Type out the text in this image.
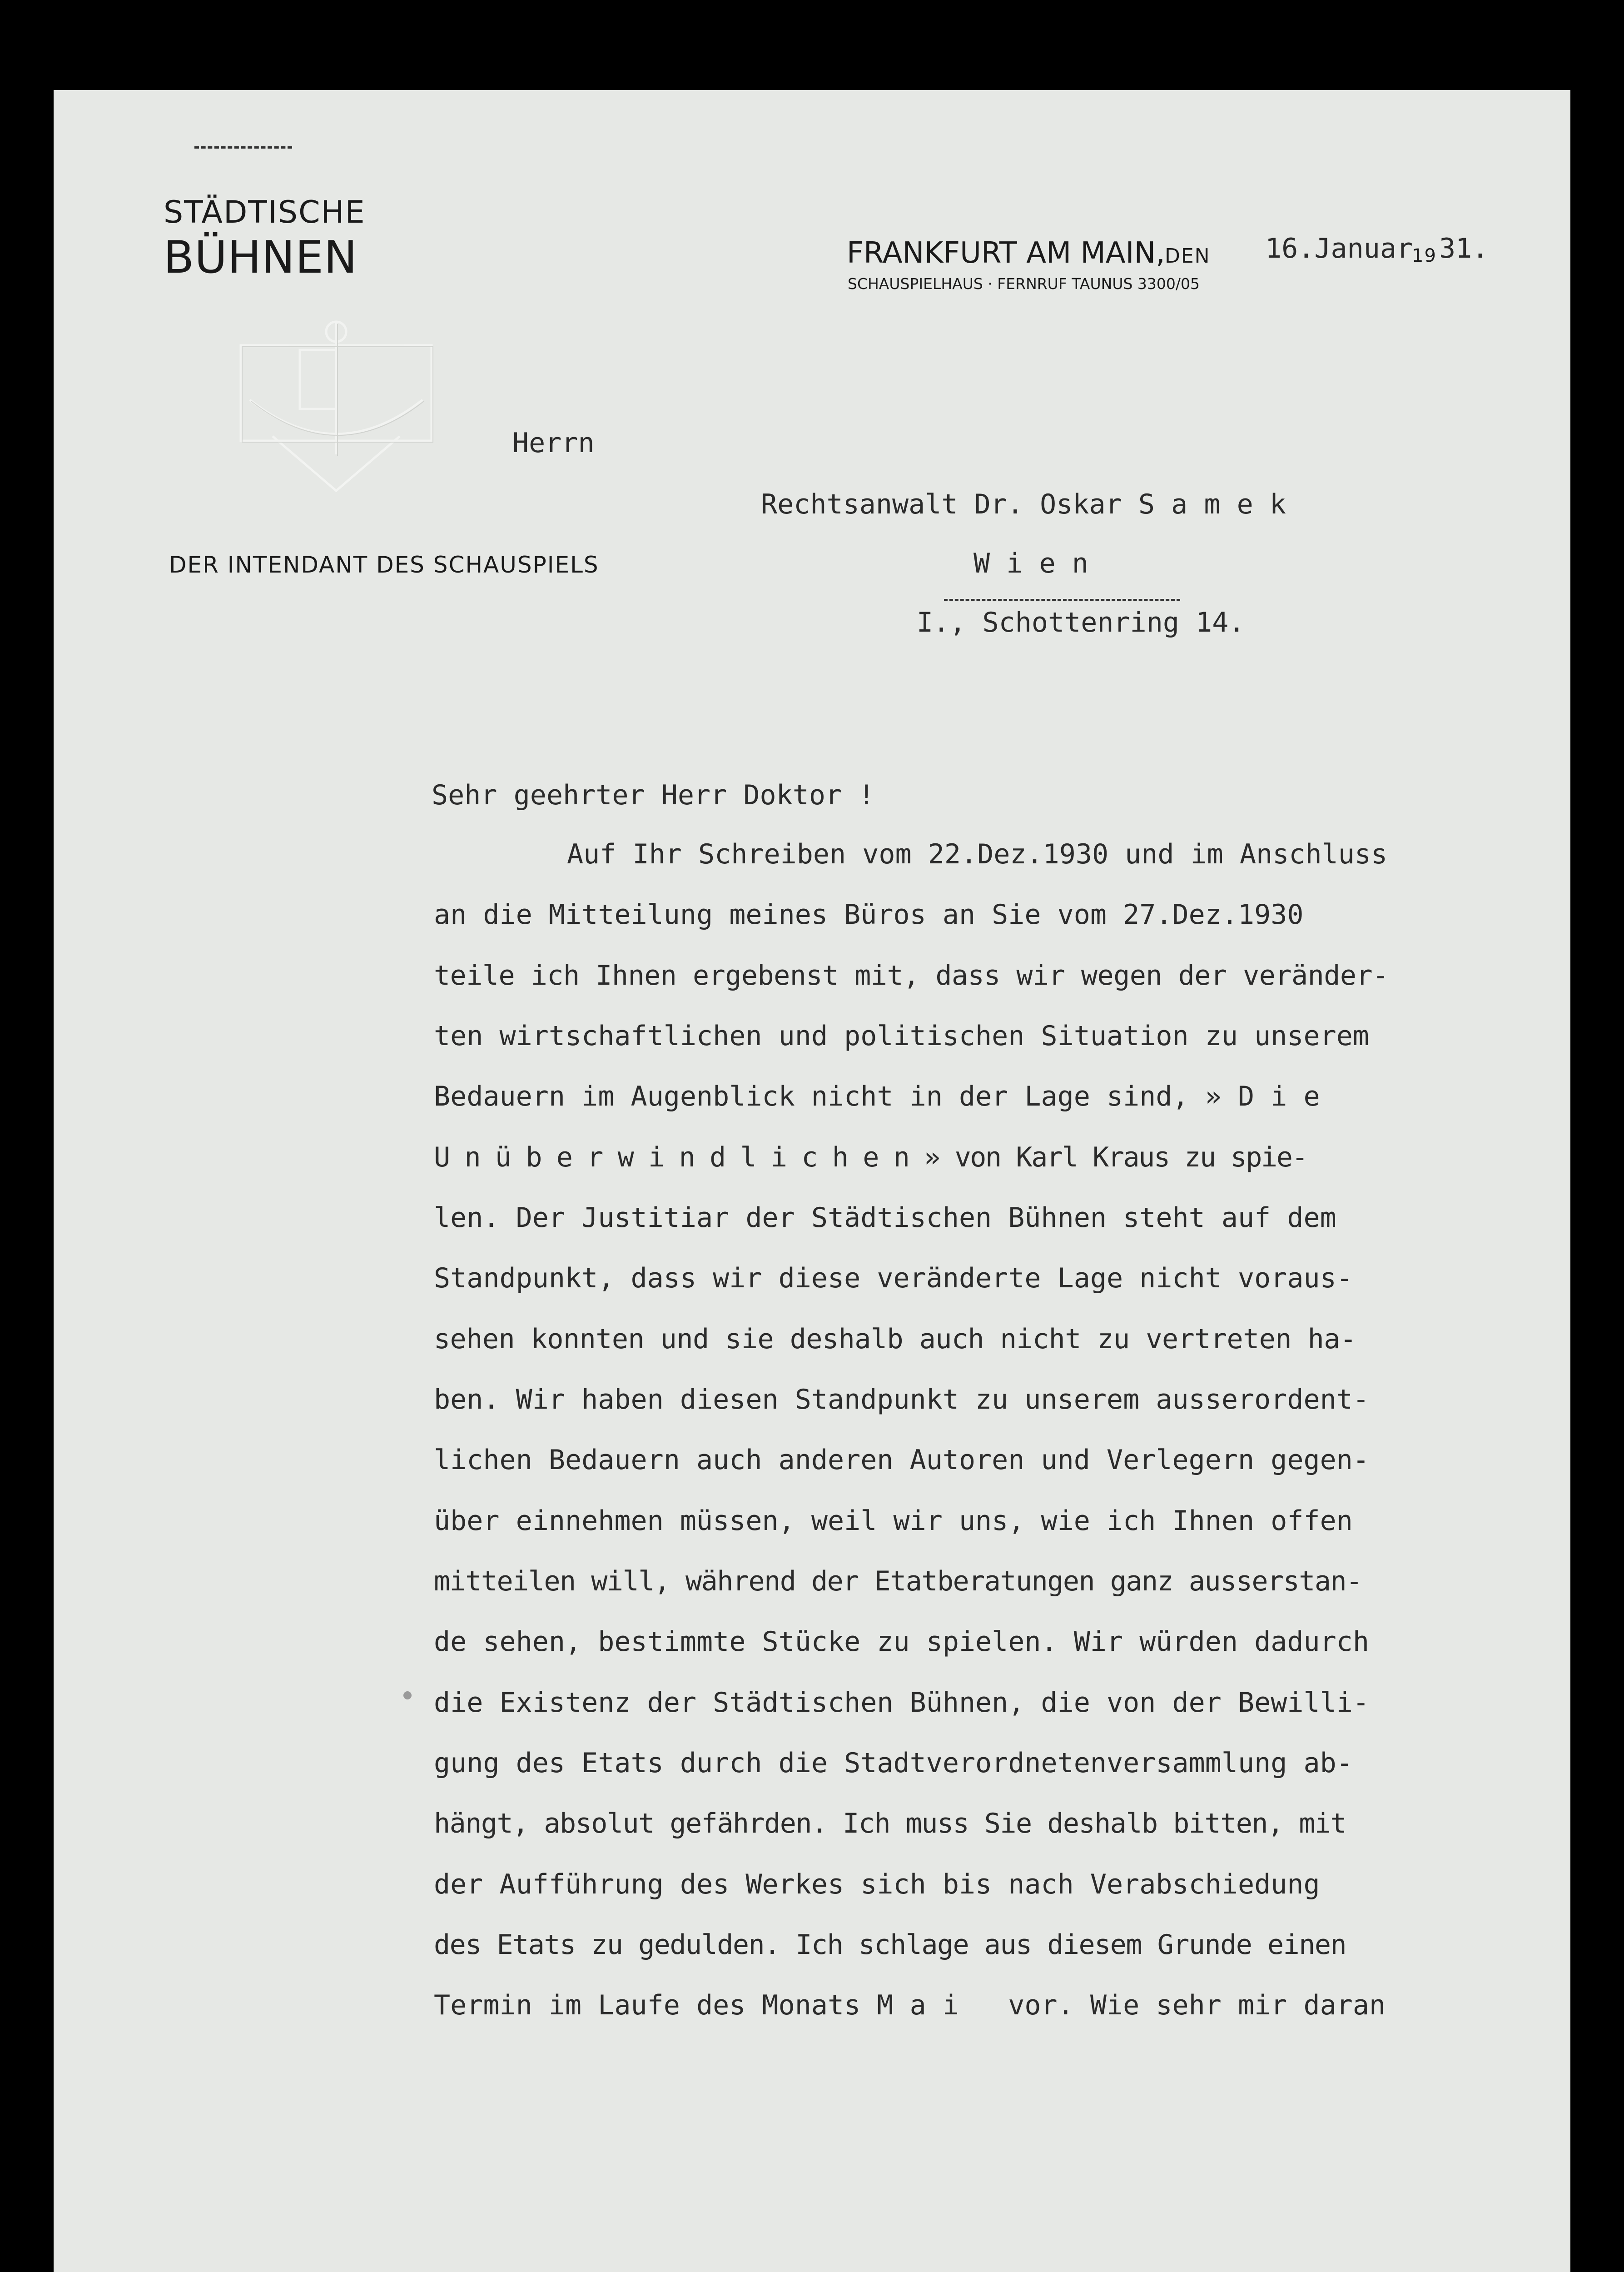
STÄDTISCHE
BÜHNEN
DER INTENDANT DES SCHAUSPIELS
FRANKFURT AM MAIN, DEN
SCHAUSPIELHAUS · FERNRUF TAUNUS 3300/05
16.Januar
19 31.
Herrn
Rechtsanwalt Dr. Oskar S a m e k
W i e n
I., Schottenring 14.
Sehr geehrter Herr Doktor !
Auf Ihr Schreiben vom 22.Dez.1930 und im Anschluss
an die Mitteilung meines Büros an Sie vom 27.Dez.1930
teile ich Ihnen ergebenst mit, dass wir wegen der veränder-
ten wirtschaftlichen und politischen Situation zu unserem
Bedauern im Augenblick nicht in der Lage sind, » D i e
U n ü b e r w i n d l i c h e n » von Karl Kraus zu spie-
len. Der Justitiar der Städtischen Bühnen steht auf dem
Standpunkt, dass wir diese veränderte Lage nicht voraus-
sehen konnten und sie deshalb auch nicht zu vertreten ha-
ben. Wir haben diesen Standpunkt zu unserem ausserordent-
lichen Bedauern auch anderen Autoren und Verlegern gegen-
über einnehmen müssen, weil wir uns, wie ich Ihnen offen
mitteilen will, während der Etatberatungen ganz ausserstan-
de sehen, bestimmte Stücke zu spielen. Wir würden dadurch
die Existenz der Städtischen Bühnen, die von der Bewilli-
gung des Etats durch die Stadtverordnetenversammlung ab-
hängt, absolut gefährden. Ich muss Sie deshalb bitten, mit
der Aufführung des Werkes sich bis nach Verabschiedung
des Etats zu gedulden. Ich schlage aus diesem Grunde einen
Termin im Laufe des Monats M a i   vor. Wie sehr mir daran
